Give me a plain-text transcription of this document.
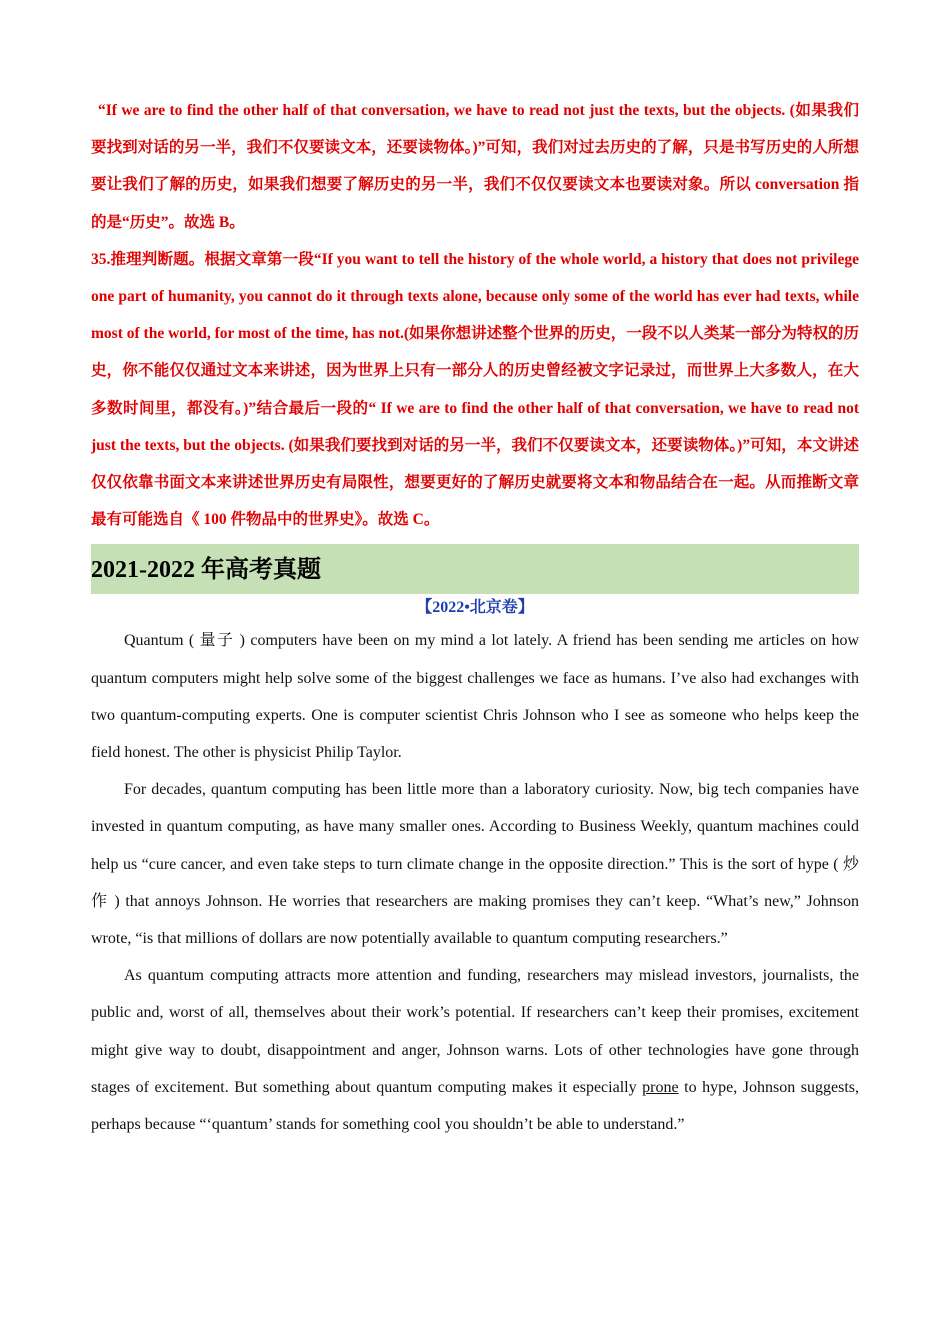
“If we are to find the other half of that conversation, we have to read not just the texts, but the objects. (如果我们要找到对话的另一半，我们不仅要读文本，还要读物体。)”可知，我们对过去历史的了解，只是书写历史的人所想要让我们了解的历史，如果我们想要了解历史的另一半，我们不仅仅要读文本也要读对象。所以 conversation 指的是“历史”。故选 B。

35.推理判断题。根据文章第一段“If you want to tell the history of the whole world, a history that does not privilege one part of humanity, you cannot do it through texts alone, because only some of the world has ever had texts, while most of the world, for most of the time, has not.(如果你想讲述整个世界的历史，一段不以人类某一部分为特权的历史，你不能仅仅通过文本来讲述，因为世界上只有一部分人的历史曾经被文字记录过，而世界上大多数人，在大多数时间里，都没有。)”结合最后一段的“ If we are to find the other half of that conversation, we have to read not just the texts, but the objects. (如果我们要找到对话的另一半，我们不仅要读文本，还要读物体。)”可知，本文讲述仅仅依靠书面文本来讲述世界历史有局限性，想要更好的了解历史就要将文本和物品结合在一起。从而推断文章最有可能选自《 100 件物品中的世界史》。故选 C。

2021-2022 年高考真题
【2022•北京卷】

Quantum ( 量子 ) computers have been on my mind a lot lately. A friend has been sending me articles on how quantum computers might help solve some of the biggest challenges we face as humans. I’ve also had exchanges with two quantum-computing experts. One is computer scientist Chris Johnson who I see as someone who helps keep the field honest. The other is physicist Philip Taylor.

For decades, quantum computing has been little more than a laboratory curiosity. Now, big tech companies have invested in quantum computing, as have many smaller ones. According to Business Weekly, quantum machines could help us “cure cancer, and even take steps to turn climate change in the opposite direction.” This is the sort of hype ( 炒作 ) that annoys Johnson. He worries that researchers are making promises they can’t keep. “What’s new,” Johnson wrote, “is that millions of dollars are now potentially available to quantum computing researchers.”

As quantum computing attracts more attention and funding, researchers may mislead investors, journalists, the public and, worst of all, themselves about their work’s potential. If researchers can’t keep their promises, excitement might give way to doubt, disappointment and anger, Johnson warns. Lots of other technologies have gone through stages of excitement. But something about quantum computing makes it especially prone to hype, Johnson suggests, perhaps because “‘quantum’ stands for something cool you shouldn’t be able to understand.”
